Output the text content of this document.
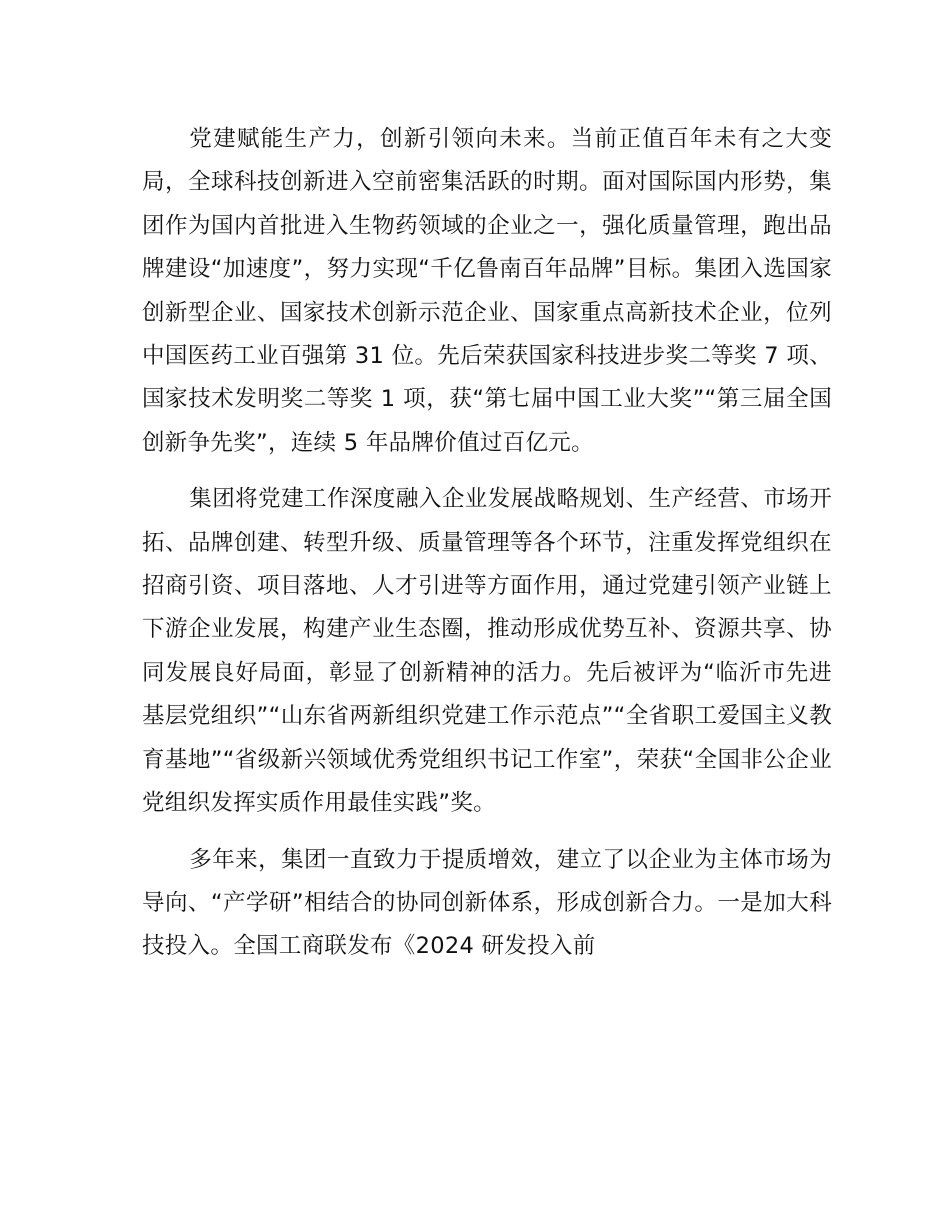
党建赋能生产力，创新引领向未来。当前正值百年未有之大变局，全球科技创新进入空前密集活跃的时期。面对国际国内形势，集团作为国内首批进入生物药领域的企业之一，强化质量管理，跑出品牌建设“加速度”，努力实现“千亿鲁南百年品牌”目标。集团入选国家创新型企业、国家技术创新示范企业、国家重点高新技术企业，位列中国医药工业百强第 31 位。先后荣获国家科技进步奖二等奖 7 项、国家技术发明奖二等奖 1 项，获“第七届中国工业大奖”“第三届全国创新争先奖”，连续 5 年品牌价值过百亿元。

集团将党建工作深度融入企业发展战略规划、生产经营、市场开拓、品牌创建、转型升级、质量管理等各个环节，注重发挥党组织在招商引资、项目落地、人才引进等方面作用，通过党建引领产业链上下游企业发展，构建产业生态圈，推动形成优势互补、资源共享、协同发展良好局面，彰显了创新精神的活力。先后被评为“临沂市先进基层党组织”“山东省两新组织党建工作示范点”“全省职工爱国主义教育基地”“省级新兴领域优秀党组织书记工作室”，荣获“全国非公企业党组织发挥实质作用最佳实践”奖。

多年来，集团一直致力于提质增效，建立了以企业为主体市场为导向、“产学研”相结合的协同创新体系，形成创新合力。一是加大科技投入。全国工商联发布《2024 研发投入前
